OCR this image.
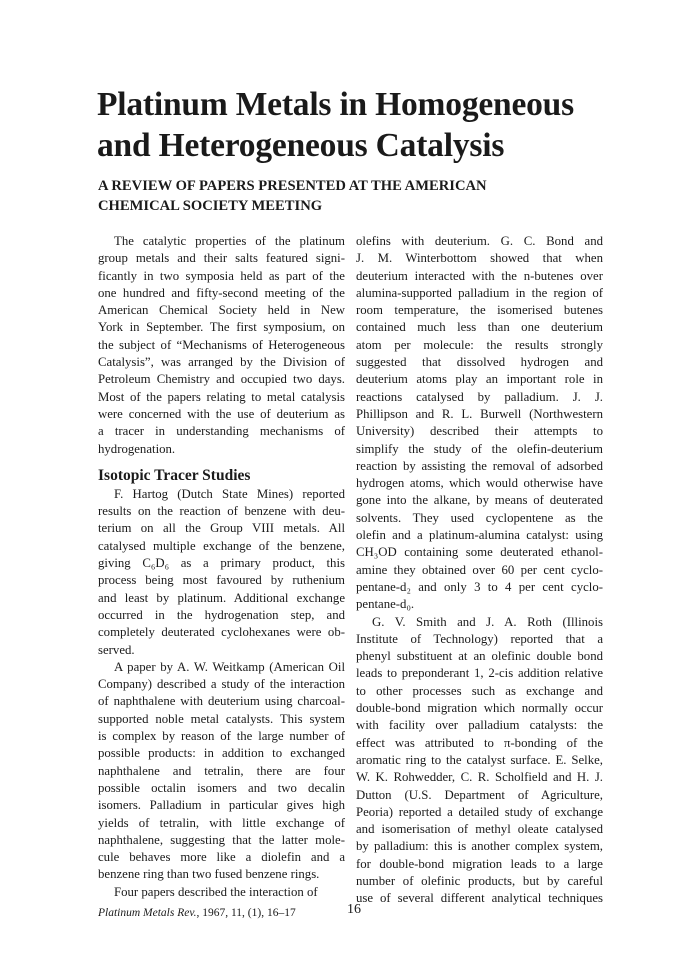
Platinum Metals in Homogeneous
and Heterogeneous Catalysis
A REVIEW OF PAPERS PRESENTED AT THE AMERICAN
CHEMICAL SOCIETY MEETING
The catalytic properties of the platinum
group metals and their salts featured signi-
ficantly in two symposia held as part of the
one hundred and fifty-second meeting of the
American Chemical Society held in New
York in September. The first symposium, on
the subject of “Mechanisms of Heterogeneous
Catalysis”, was arranged by the Division of
Petroleum Chemistry and occupied two days.
Most of the papers relating to metal catalysis
were concerned with the use of deuterium as
a tracer in understanding mechanisms of
hydrogenation.
Isotopic Tracer Studies
F. Hartog (Dutch State Mines) reported
results on the reaction of benzene with deu-
terium on all the Group VIII metals. All
catalysed multiple exchange of the benzene,
giving C₆D₆ as a primary product, this
process being most favoured by ruthenium
and least by platinum. Additional exchange
occurred in the hydrogenation step, and
completely deuterated cyclohexanes were ob-
served.
A paper by A. W. Weitkamp (American Oil
Company) described a study of the interaction
of naphthalene with deuterium using charcoal-
supported noble metal catalysts. This system
is complex by reason of the large number of
possible products: in addition to exchanged
naphthalene and tetralin, there are four
possible octalin isomers and two decalin
isomers. Palladium in particular gives high
yields of tetralin, with little exchange of
naphthalene, suggesting that the latter mole-
cule behaves more like a diolefin and a
benzene ring than two fused benzene rings.
Four papers described the interaction of
olefins with deuterium. G. C. Bond and
J. M. Winterbottom showed that when
deuterium interacted with the n-butenes over
alumina-supported palladium in the region of
room temperature, the isomerised butenes
contained much less than one deuterium
atom per molecule: the results strongly
suggested that dissolved hydrogen and
deuterium atoms play an important role in
reactions catalysed by palladium. J. J.
Phillipson and R. L. Burwell (Northwestern
University) described their attempts to
simplify the study of the olefin-deuterium
reaction by assisting the removal of adsorbed
hydrogen atoms, which would otherwise have
gone into the alkane, by means of deuterated
solvents. They used cyclopentene as the
olefin and a platinum-alumina catalyst: using
CH₃OD containing some deuterated ethanol-
amine they obtained over 60 per cent cyclo-
pentane-d₂ and only 3 to 4 per cent cyclo-
pentane-d₀.
G. V. Smith and J. A. Roth (Illinois
Institute of Technology) reported that a
phenyl substituent at an olefinic double bond
leads to preponderant 1, 2-cis addition relative
to other processes such as exchange and
double-bond migration which normally occur
with facility over palladium catalysts: the
effect was attributed to π-bonding of the
aromatic ring to the catalyst surface. E. Selke,
W. K. Rohwedder, C. R. Scholfield and H. J.
Dutton (U.S. Department of Agriculture,
Peoria) reported a detailed study of exchange
and isomerisation of methyl oleate catalysed
by palladium: this is another complex system,
for double-bond migration leads to a large
number of olefinic products, but by careful
use of several different analytical techniques
Platinum Metals Rev., 1967, 11, (1), 16–17	16
